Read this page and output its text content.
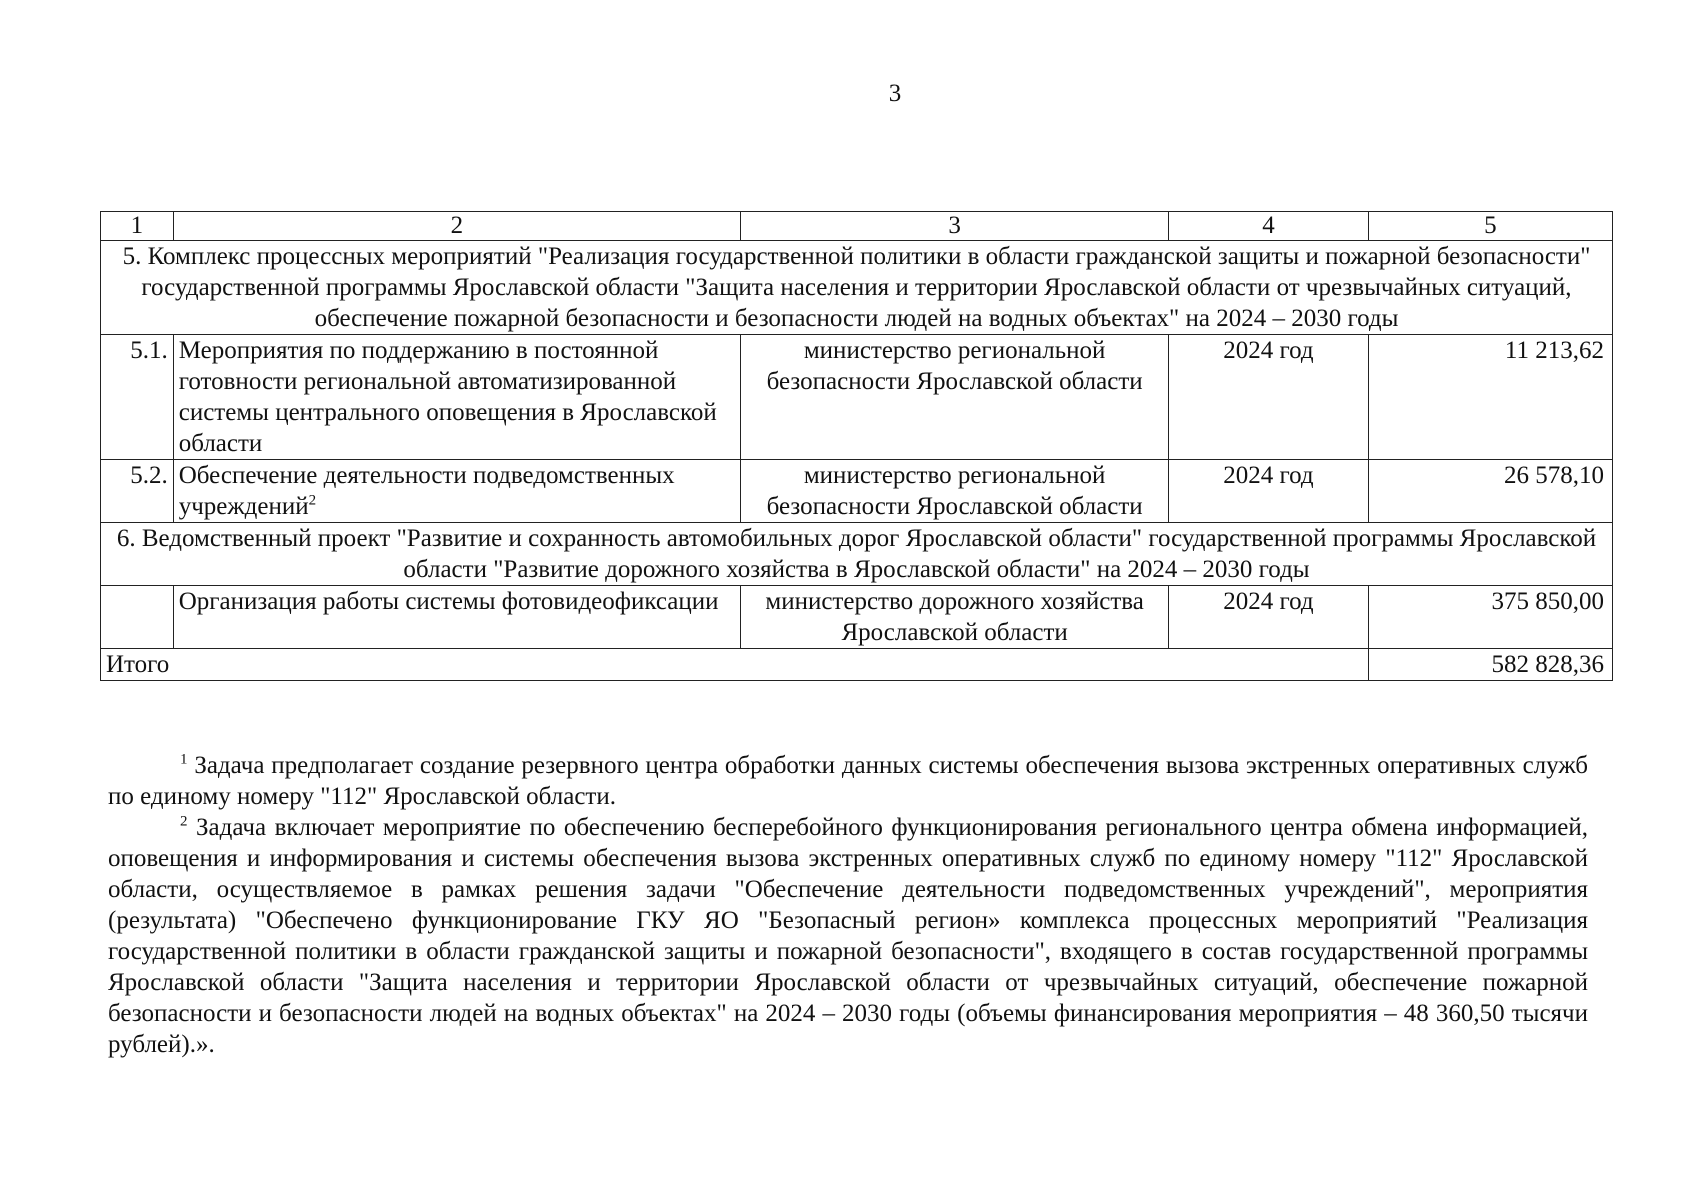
3
1	2	3	4	5
5. Комплекс процессных мероприятий "Реализация государственной политики в области гражданской защиты и пожарной безопасности" государственной программы Ярославской области "Защита населения и территории Ярославской области от чрезвычайных ситуаций, обеспечение пожарной безопасности и безопасности людей на водных объектах" на 2024 – 2030 годы				
5.1.	Мероприятия по поддержанию в постоянной готовности региональной автоматизированной системы центрального оповещения в Ярославской области	министерство региональной безопасности Ярославской области	2024 год	11 213,62
5.2.	Обеспечение деятельности подведомственных учреждений$^2$	министерство региональной безопасности Ярославской области	2024 год	26 578,10
6. Ведомственный проект "Развитие и сохранность автомобильных дорог Ярославской области" государственной программы Ярославской области "Развитие дорожного хозяйства в Ярославской области" на 2024 – 2030 годы				
	Организация работы системы фотовидеофиксации	министерство дорожного хозяйства Ярославской области	2024 год	375 850,00
Итого				582 828,36

$^1$ Задача предполагает создание резервного центра обработки данных системы обеспечения вызова экстренных оперативных служб по единому номеру "112" Ярославской области.

$^2$ Задача включает мероприятие по обеспечению бесперебойного функционирования регионального центра обмена информацией, оповещения и информирования и системы обеспечения вызова экстренных оперативных служб по единому номеру "112" Ярославской области, осуществляемое в рамках решения задачи "Обеспечение деятельности подведомственных учреждений", мероприятия (результата) "Обеспечено функционирование ГКУ ЯО "Безопасный регион» комплекса процессных мероприятий "Реализация государственной политики в области гражданской защиты и пожарной безопасности", входящего в состав государственной программы Ярославской области "Защита населения и территории Ярославской области от чрезвычайных ситуаций, обеспечение пожарной безопасности и безопасности людей на водных объектах" на 2024 – 2030 годы (объемы финансирования мероприятия – 48 360,50 тысячи рублей).».
